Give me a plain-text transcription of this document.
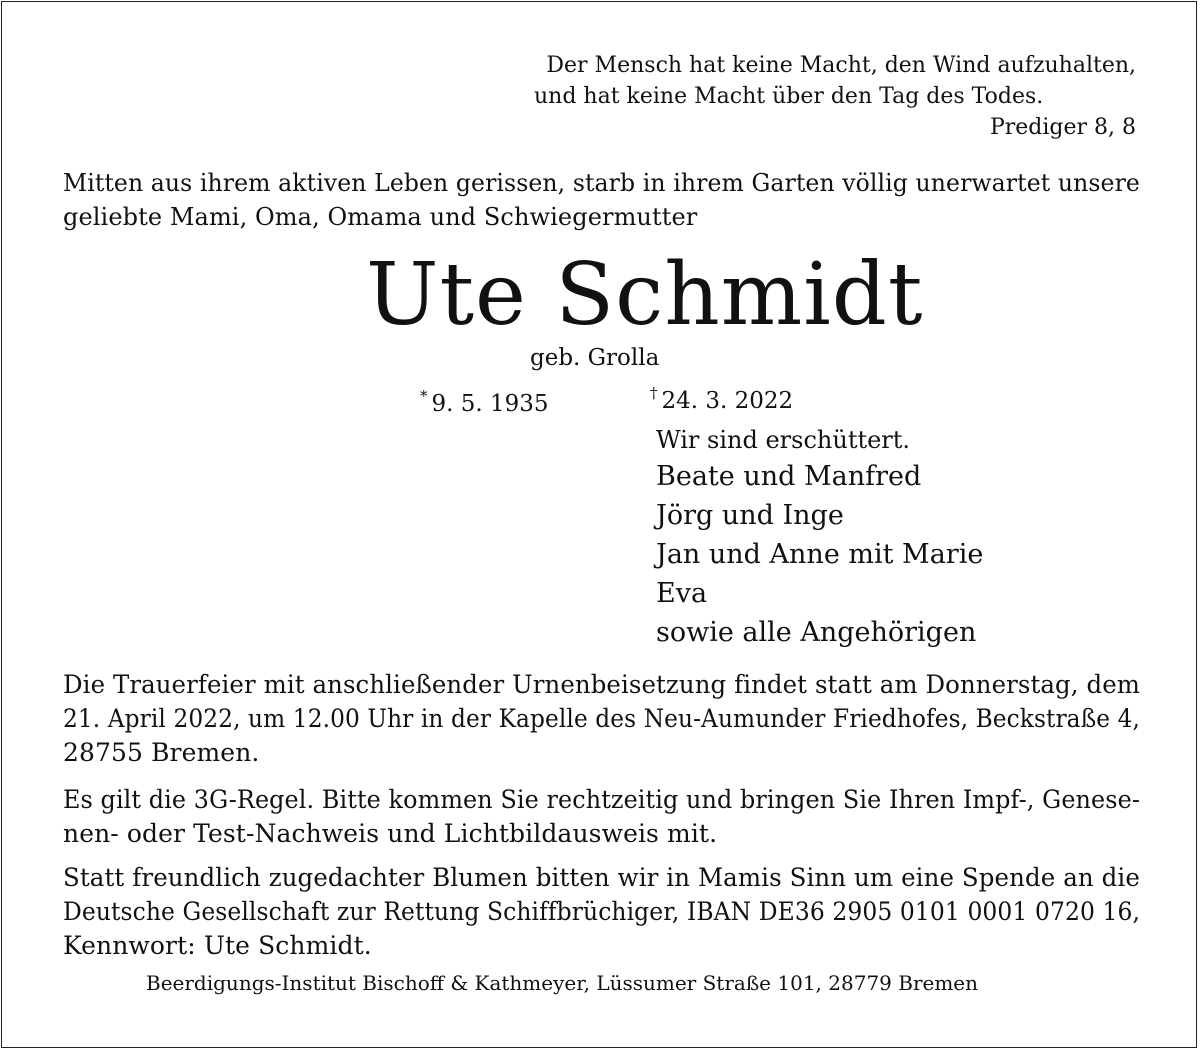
Der Mensch hat keine Macht, den Wind aufzuhalten,
und hat keine Macht über den Tag des Todes.
Prediger 8, 8
Mitten aus ihrem aktiven Leben gerissen, starb in ihrem Garten völlig unerwartet unsere
geliebte Mami, Oma, Omama und Schwiegermutter
Ute Schmidt
geb. Grolla
* 9. 5. 1935	† 24. 3. 2022
Wir sind erschüttert.
Beate und Manfred
Jörg und Inge
Jan und Anne mit Marie
Eva
sowie alle Angehörigen
Die Trauerfeier mit anschließender Urnenbeisetzung findet statt am Donnerstag, dem
21. April 2022, um 12.00 Uhr in der Kapelle des Neu-Aumunder Friedhofes, Beckstraße 4,
28755 Bremen.
Es gilt die 3G-Regel. Bitte kommen Sie rechtzeitig und bringen Sie Ihren Impf-, Genese-
nen- oder Test-Nachweis und Lichtbildausweis mit.
Statt freundlich zugedachter Blumen bitten wir in Mamis Sinn um eine Spende an die
Deutsche Gesellschaft zur Rettung Schiffbrüchiger, IBAN DE36 2905 0101 0001 0720 16,
Kennwort: Ute Schmidt.
Beerdigungs-Institut Bischoff & Kathmeyer, Lüssumer Straße 101, 28779 Bremen
